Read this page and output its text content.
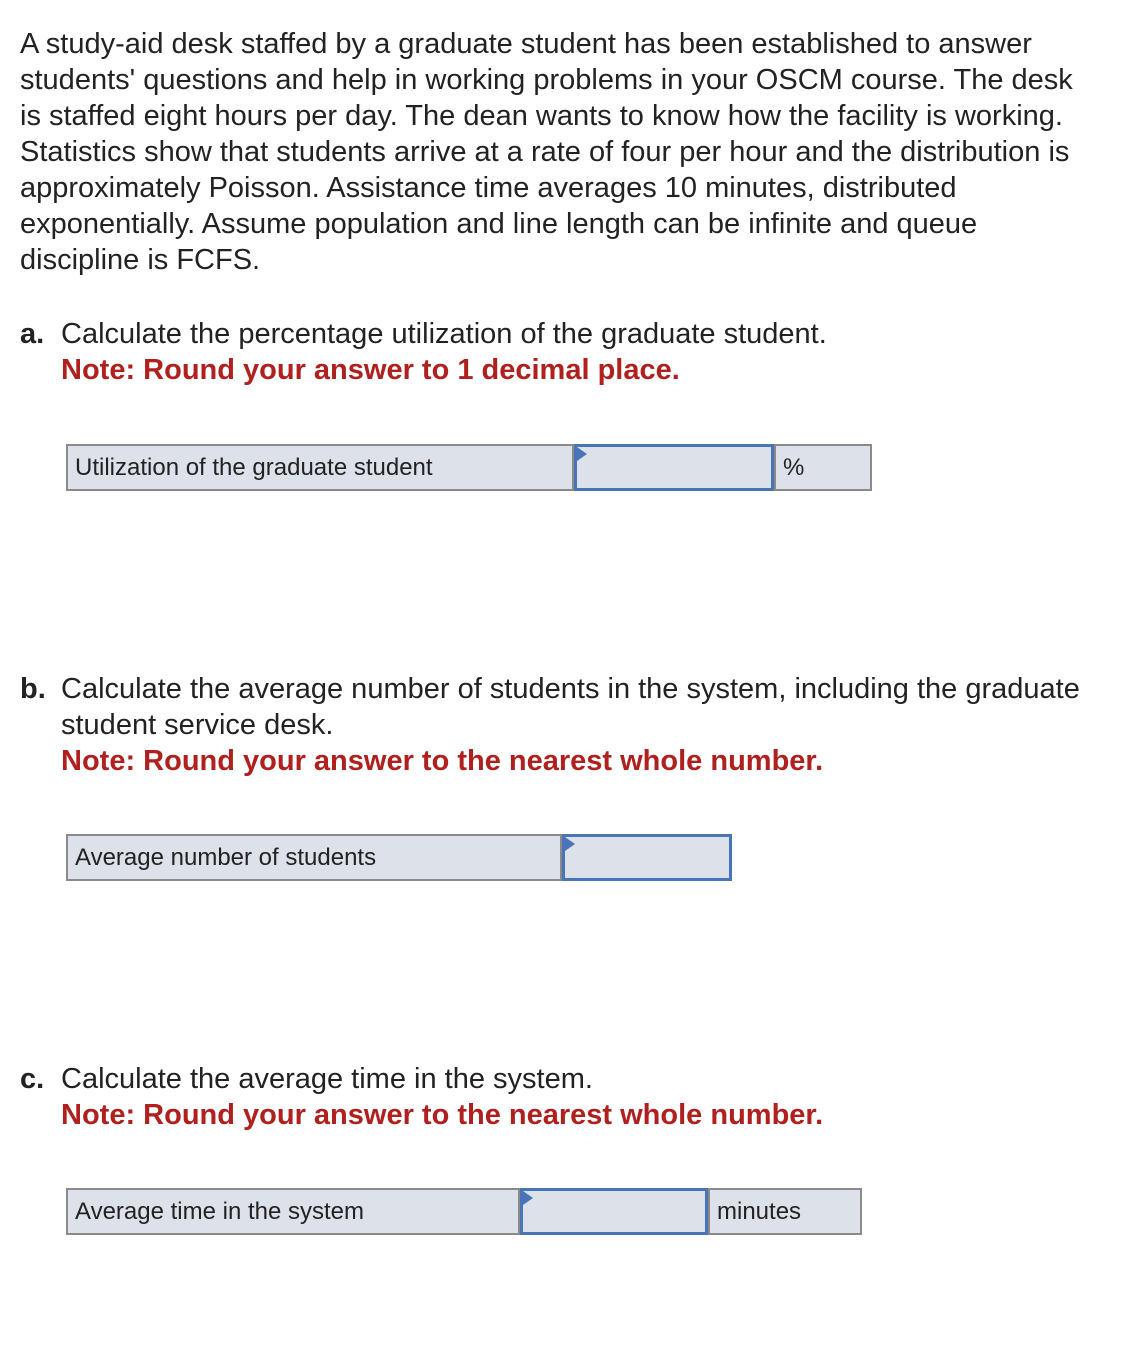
A study-aid desk staffed by a graduate student has been established to answer students' questions and help in working problems in your OSCM course. The desk is staffed eight hours per day. The dean wants to know how the facility is working. Statistics show that students arrive at a rate of four per hour and the distribution is approximately Poisson. Assistance time averages 10 minutes, distributed exponentially. Assume population and line length can be infinite and queue discipline is FCFS.

a. Calculate the percentage utilization of the graduate student.
Note: Round your answer to 1 decimal place.
Utilization of the graduate student	%
b. Calculate the average number of students in the system, including the graduate student service desk.
Note: Round your answer to the nearest whole number.
Average number of students
c. Calculate the average time in the system.
Note: Round your answer to the nearest whole number.
Average time in the system	minutes
